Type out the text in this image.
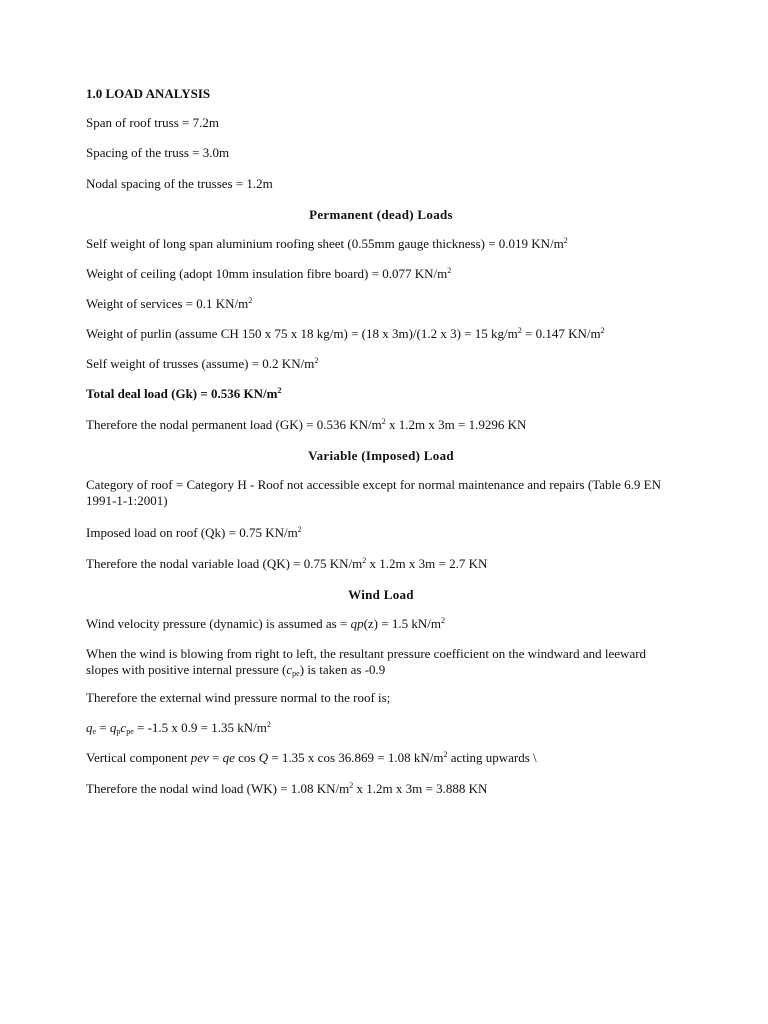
1.0 LOAD ANALYSIS
Span of roof truss = 7.2m
Spacing of the truss = 3.0m
Nodal spacing of the trusses = 1.2m
Permanent (dead) Loads
Self weight of long span aluminium roofing sheet (0.55mm gauge thickness) = 0.019 $KN/m^2$
Weight of ceiling (adopt 10mm insulation fibre board) = 0.077 $KN/m^2$
Weight of services = 0.1 $KN/m^2$
Weight of purlin (assume CH 150 x 75 x 18 kg/m) = (18 x 3m)/(1.2 x 3) = 15 $kg/m^2 = 0.147$ $KN/m^2$
Self weight of trusses (assume) = 0.2 $KN/m^2$
Total deal load (Gk) = 0.536 $KN/m^2$
Therefore the nodal permanent load (GK) = 0.536 $KN/m^2$ x 1.2m x 3m = 1.9296 KN
Variable (Imposed) Load
Category of roof = Category H - Roof not accessible except for normal maintenance and repairs (Table 6.9 EN 1991-1-1:2001)
Imposed load on roof (Qk) = 0.75 $KN/m^2$
Therefore the nodal variable load (QK) = 0.75 $KN/m^2$ x 1.2m x 3m = 2.7 KN
Wind Load
Wind velocity pressure (dynamic) is assumed as = qp(z) = 1.5 $kN/m^2$
When the wind is blowing from right to left, the resultant pressure coefficient on the windward and leeward slopes with positive internal pressure $(c_{pe})$ is taken as -0.9
Therefore the external wind pressure normal to the roof is;
$q_e = q_pc_{pe} = -1.5$ x 0.9 = 1.35 $kN/m^2$
Vertical component pev = qe cos Q = 1.35 x cos 36.869 = 1.08 $kN/m^2$ acting upwards \
Therefore the nodal wind load (WK) = 1.08 $KN/m^2$ x 1.2m x 3m = 3.888 KN
